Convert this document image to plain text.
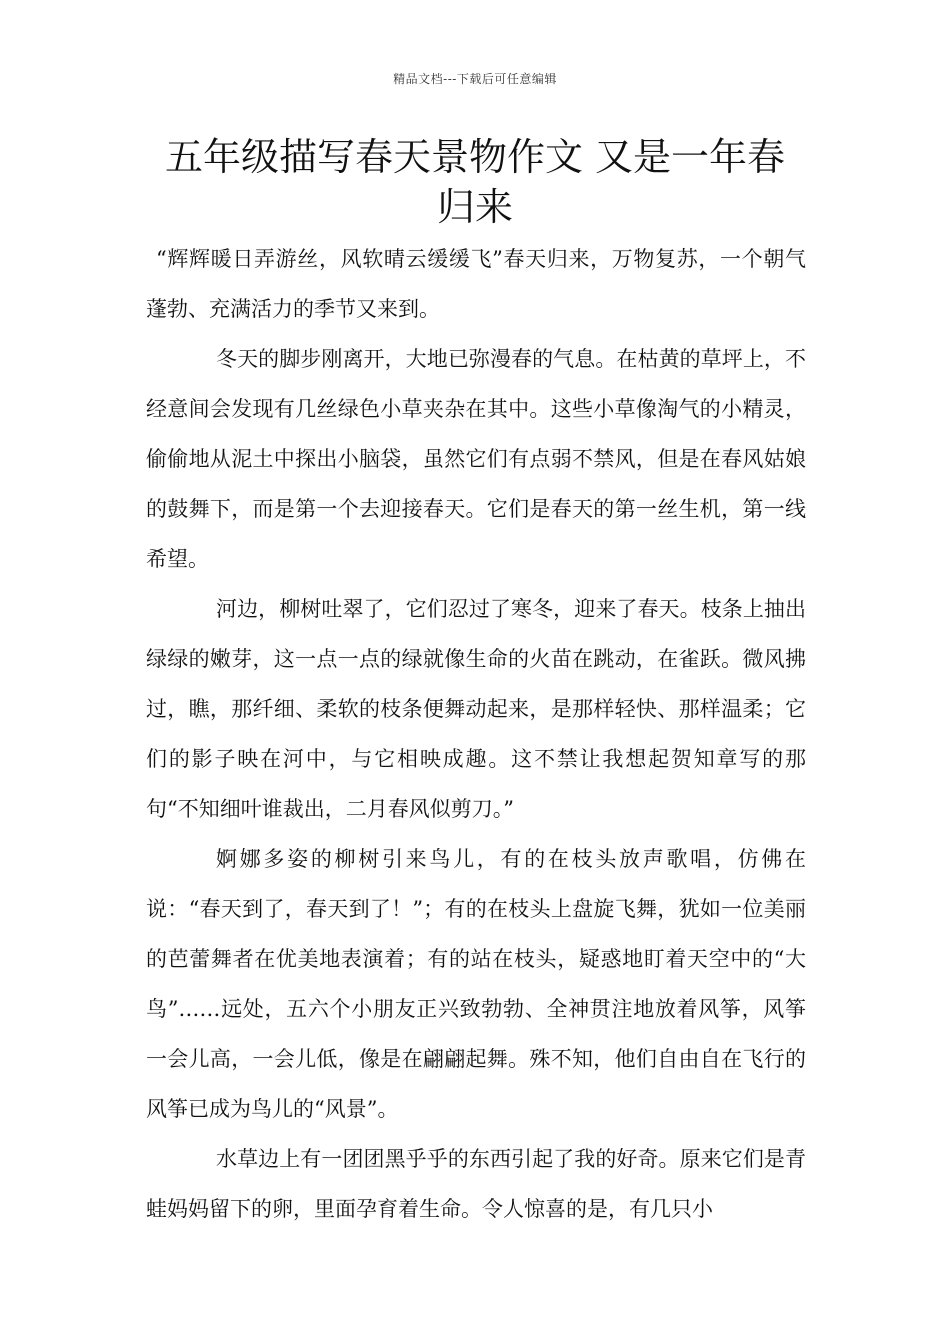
精品文档---下载后可任意编辑
五年级描写春天景物作文 又是一年春
归来

“辉辉暖日弄游丝，风软晴云缓缓飞”春天归来，万物复苏，一个朝气蓬勃、充满活力的季节又来到。

冬天的脚步刚离开，大地已弥漫春的气息。在枯黄的草坪上，不经意间会发现有几丝绿色小草夹杂在其中。这些小草像淘气的小精灵，偷偷地从泥土中探出小脑袋，虽然它们有点弱不禁风，但是在春风姑娘的鼓舞下，而是第一个去迎接春天。它们是春天的第一丝生机，第一线希望。

河边，柳树吐翠了，它们忍过了寒冬，迎来了春天。枝条上抽出绿绿的嫩芽，这一点一点的绿就像生命的火苗在跳动，在雀跃。微风拂过，瞧，那纤细、柔软的枝条便舞动起来，是那样轻快、那样温柔；它们的影子映在河中，与它相映成趣。这不禁让我想起贺知章写的那句“不知细叶谁裁出，二月春风似剪刀。”

婀娜多姿的柳树引来鸟儿，有的在枝头放声歌唱，仿佛在说：“春天到了，春天到了！”；有的在枝头上盘旋飞舞，犹如一位美丽的芭蕾舞者在优美地表演着；有的站在枝头，疑惑地盯着天空中的“大鸟”……远处，五六个小朋友正兴致勃勃、全神贯注地放着风筝，风筝一会儿高，一会儿低，像是在翩翩起舞。殊不知，他们自由自在飞行的风筝已成为鸟儿的“风景”。

水草边上有一团团黑乎乎的东西引起了我的好奇。原来它们是青蛙妈妈留下的卵，里面孕育着生命。令人惊喜的是，有几只小
